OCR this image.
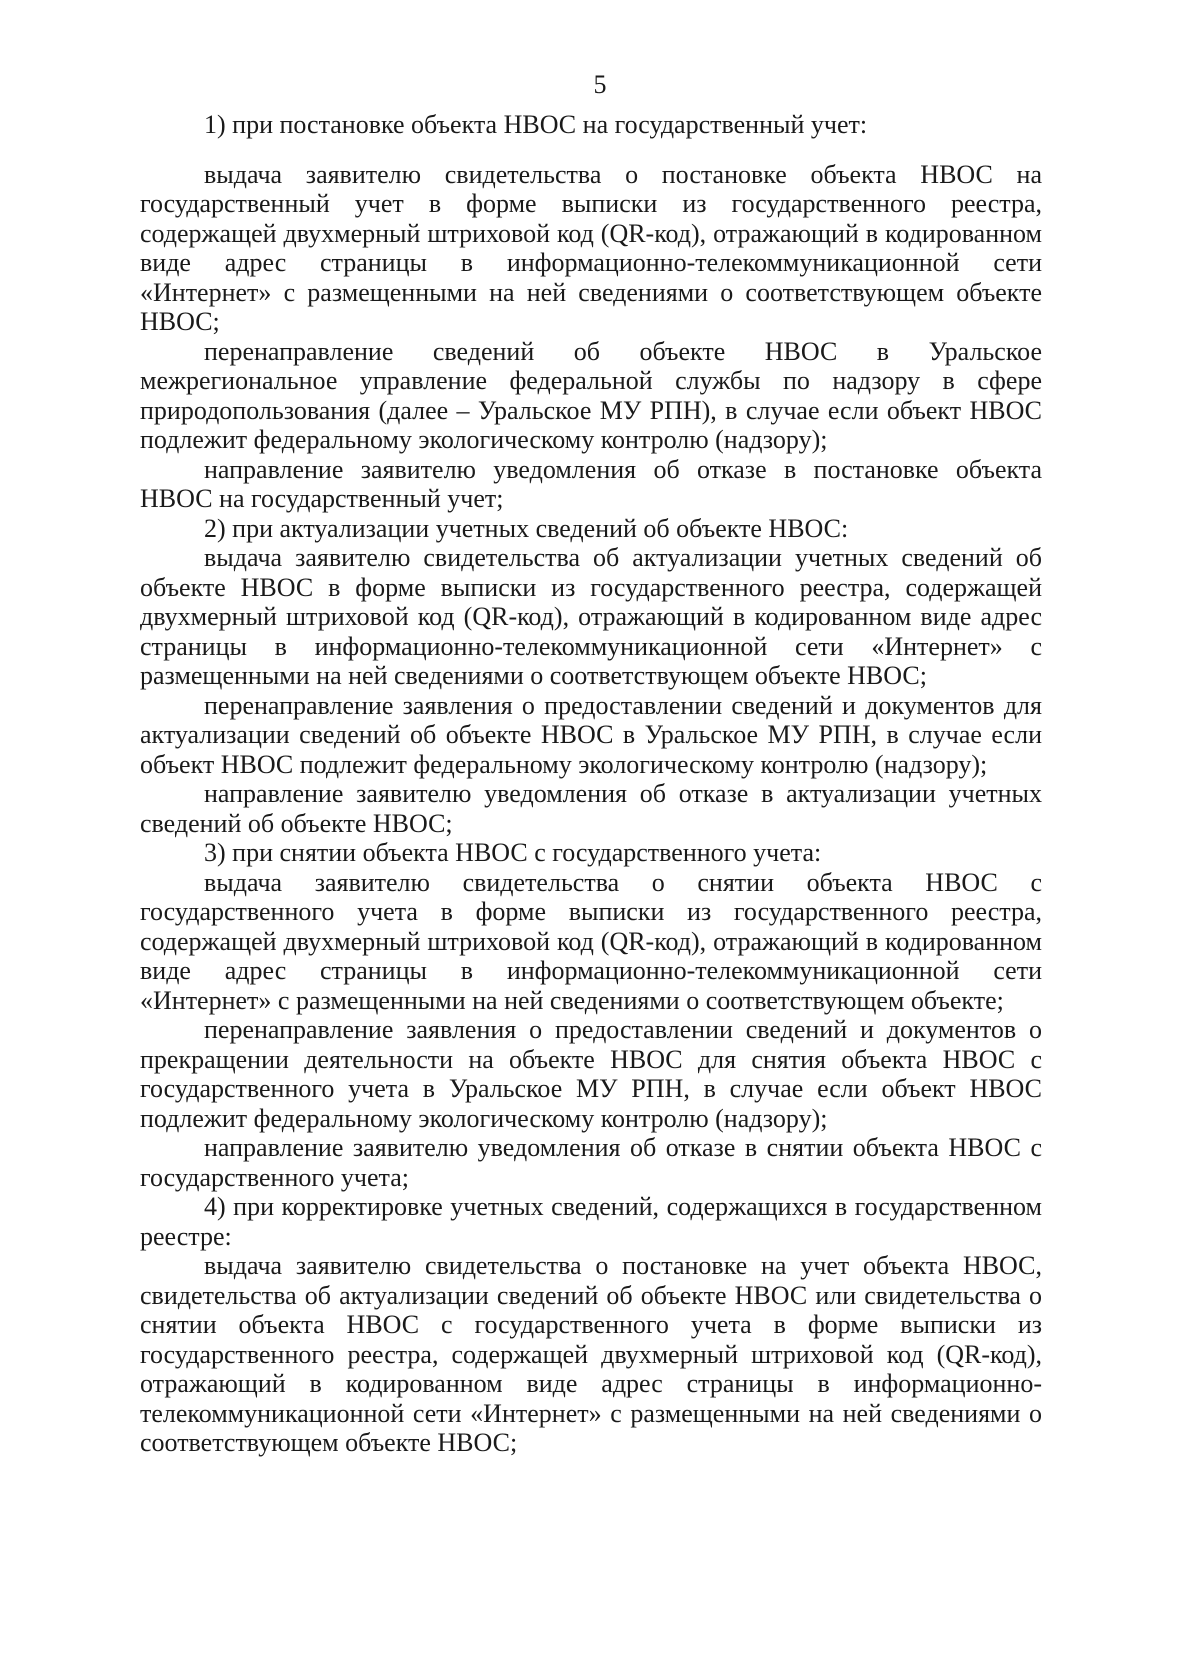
5

1) при постановке объекта НВОС на государственный учет:

выдача заявителю свидетельства о постановке объекта НВОС на государственный учет в форме выписки из государственного реестра, содержащей двухмерный штриховой код (QR-код), отражающий в кодированном виде адрес страницы в информационно-телекоммуникационной сети «Интернет» с размещенными на ней сведениями о соответствующем объекте НВОС;

перенаправление сведений об объекте НВОС в Уральское межрегиональное управление федеральной службы по надзору в сфере природопользования (далее – Уральское МУ РПН), в случае если объект НВОС подлежит федеральному экологическому контролю (надзору);

направление заявителю уведомления об отказе в постановке объекта НВОС на государственный учет;

2) при актуализации учетных сведений об объекте НВОС:

выдача заявителю свидетельства об актуализации учетных сведений об объекте НВОС в форме выписки из государственного реестра, содержащей двухмерный штриховой код (QR-код), отражающий в кодированном виде адрес страницы в информационно-телекоммуникационной сети «Интернет» с размещенными на ней сведениями о соответствующем объекте НВОС;

перенаправление заявления о предоставлении сведений и документов для актуализации сведений об объекте НВОС в Уральское МУ РПН, в случае если объект НВОС подлежит федеральному экологическому контролю (надзору);

направление заявителю уведомления об отказе в актуализации учетных сведений об объекте НВОС;

3) при снятии объекта НВОС с государственного учета:

выдача заявителю свидетельства о снятии объекта НВОС с государственного учета в форме выписки из государственного реестра, содержащей двухмерный штриховой код (QR-код), отражающий в кодированном виде адрес страницы в информационно-телекоммуникационной сети «Интернет» с размещенными на ней сведениями о соответствующем объекте;

перенаправление заявления о предоставлении сведений и документов о прекращении деятельности на объекте НВОС для снятия объекта НВОС с государственного учета в Уральское МУ РПН, в случае если объект НВОС подлежит федеральному экологическому контролю (надзору);

направление заявителю уведомления об отказе в снятии объекта НВОС с государственного учета;

4) при корректировке учетных сведений, содержащихся в государственном реестре:

выдача заявителю свидетельства о постановке на учет объекта НВОС, свидетельства об актуализации сведений об объекте НВОС или свидетельства о снятии объекта НВОС с государственного учета в форме выписки из государственного реестра, содержащей двухмерный штриховой код (QR-код), отражающий в кодированном виде адрес страницы в информационно-телекоммуникационной сети «Интернет» с размещенными на ней сведениями о соответствующем объекте НВОС;
